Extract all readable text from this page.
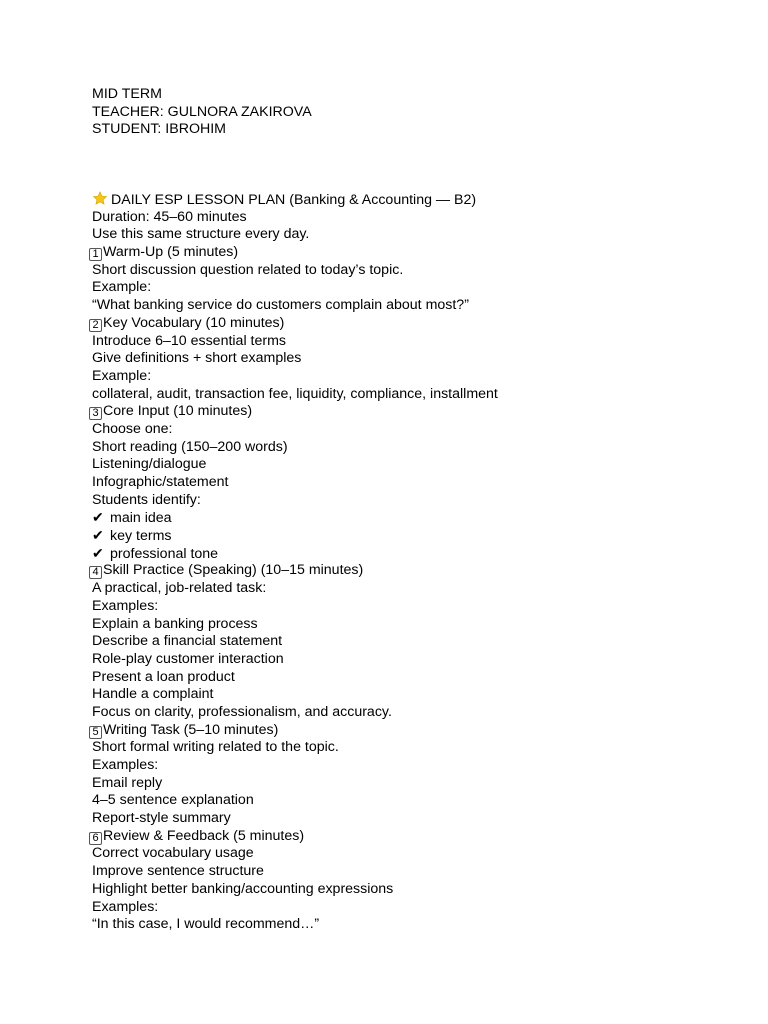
MID TERM
TEACHER: GULNORA ZAKIROVA
STUDENT: IBROHIM
DAILY ESP LESSON PLAN (Banking & Accounting — B2)
Duration: 45–60 minutes
Use this same structure every day.
1 Warm-Up (5 minutes)
Short discussion question related to today’s topic.
Example:
“What banking service do customers complain about most?”
2 Key Vocabulary (10 minutes)
Introduce 6–10 essential terms
Give definitions + short examples
Example:
collateral, audit, transaction fee, liquidity, compliance, installment
3 Core Input (10 minutes)
Choose one:
Short reading (150–200 words)
Listening/dialogue
Infographic/statement
Students identify:
✔ main idea
✔ key terms
✔ professional tone
4 Skill Practice (Speaking) (10–15 minutes)
A practical, job-related task:
Examples:
Explain a banking process
Describe a financial statement
Role-play customer interaction
Present a loan product
Handle a complaint
Focus on clarity, professionalism, and accuracy.
5 Writing Task (5–10 minutes)
Short formal writing related to the topic.
Examples:
Email reply
4–5 sentence explanation
Report-style summary
6 Review & Feedback (5 minutes)
Correct vocabulary usage
Improve sentence structure
Highlight better banking/accounting expressions
Examples:
“In this case, I would recommend…”
